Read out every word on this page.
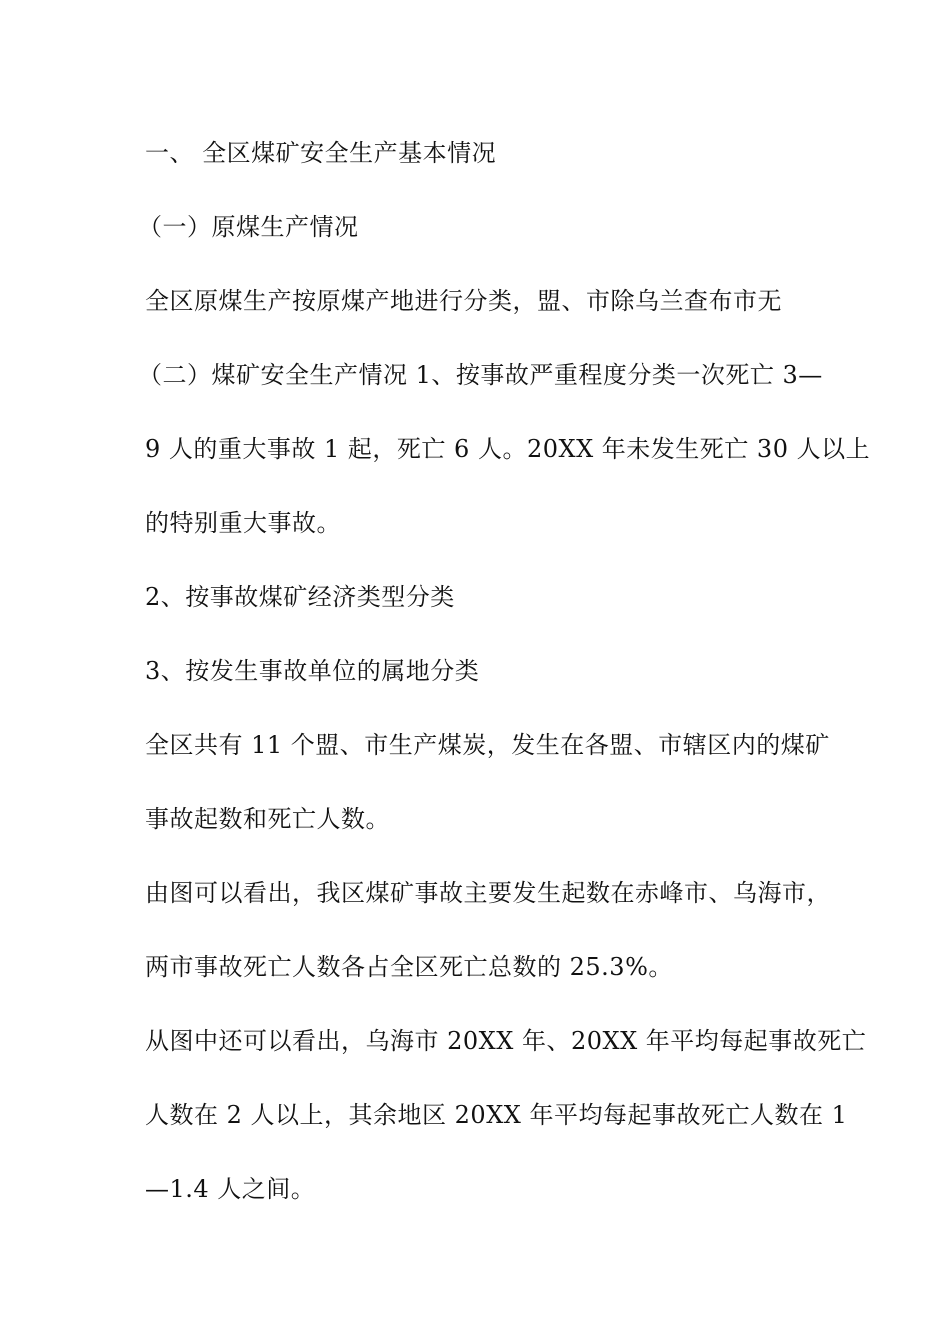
一、 全区煤矿安全生产基本情况
（一）原煤生产情况
全区原煤生产按原煤产地进行分类，盟、市除乌兰查布市无
（二）煤矿安全生产情况 1、按事故严重程度分类一次死亡 3—
9 人的重大事故 1 起，死亡 6 人。20XX 年未发生死亡 30 人以上
的特别重大事故。
2、按事故煤矿经济类型分类
3、按发生事故单位的属地分类
全区共有 11 个盟、市生产煤炭，发生在各盟、市辖区内的煤矿
事故起数和死亡人数。
由图可以看出，我区煤矿事故主要发生起数在赤峰市、乌海市，
两市事故死亡人数各占全区死亡总数的 25.3%。
从图中还可以看出，乌海市 20XX 年、20XX 年平均每起事故死亡
人数在 2 人以上，其余地区 20XX 年平均每起事故死亡人数在 1
—1.4 人之间。
